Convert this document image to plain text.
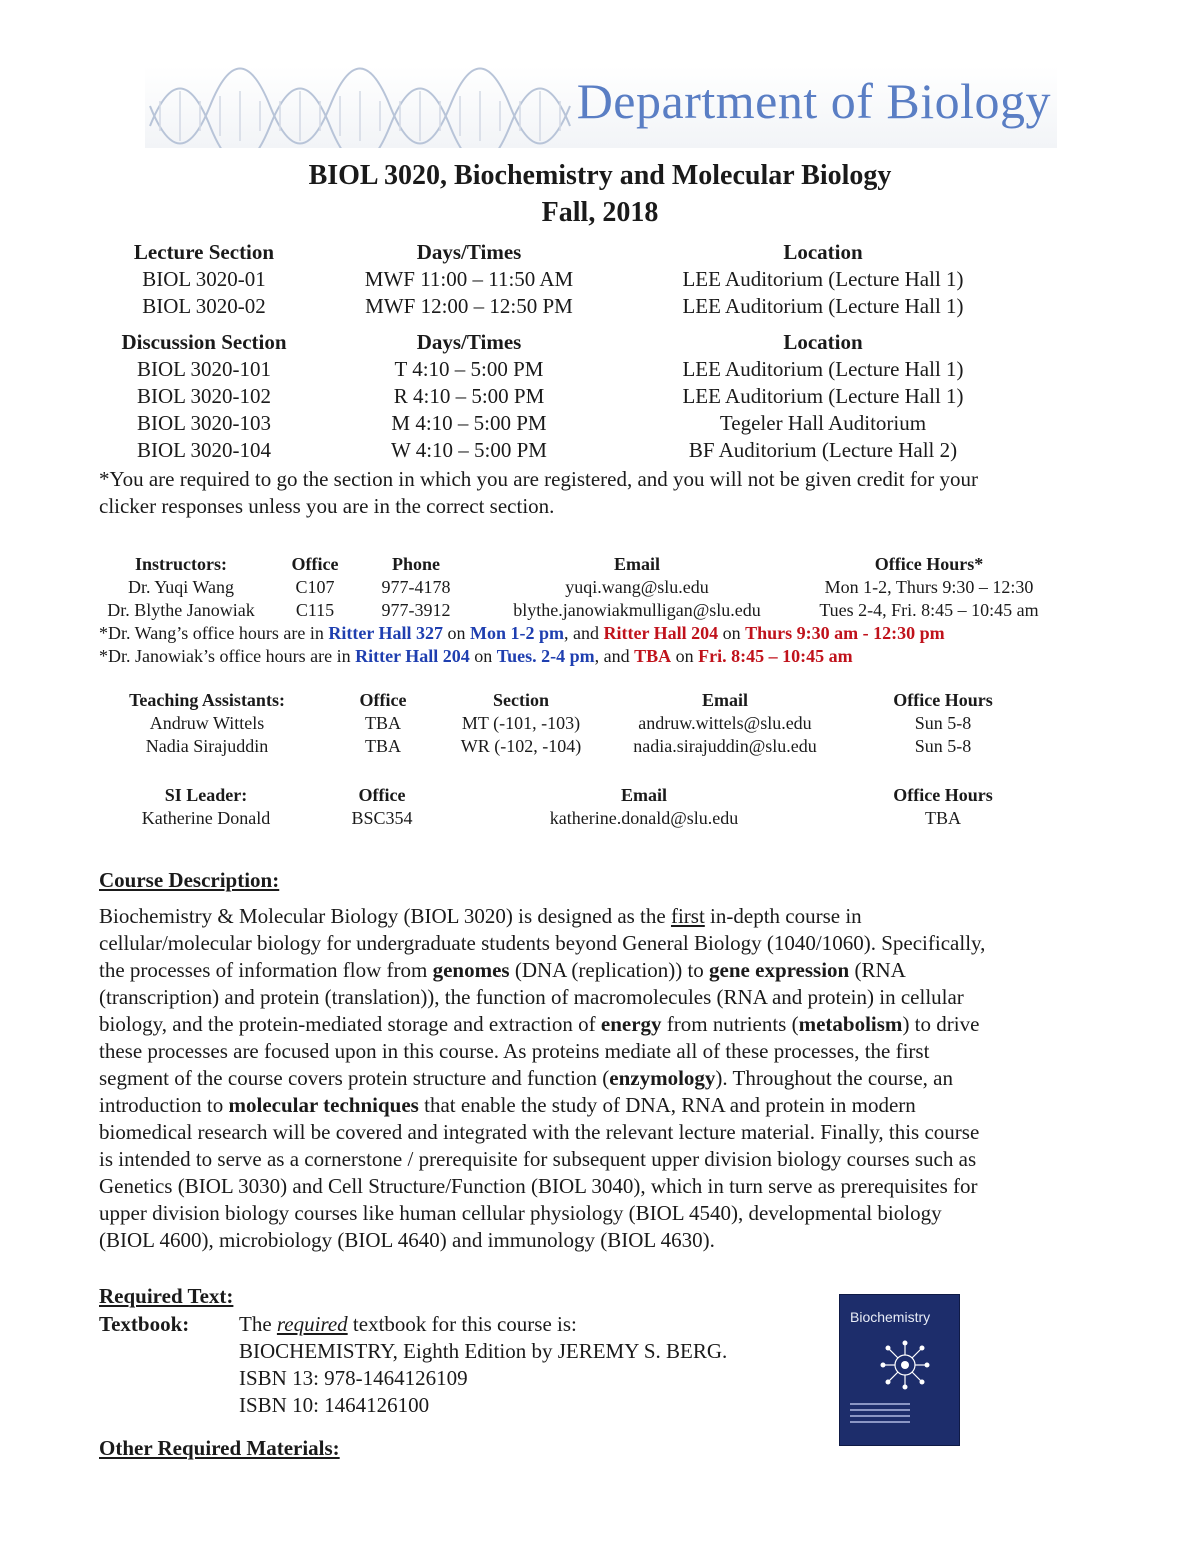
Department of Biology
BIOL 3020, Biochemistry and Molecular Biology
Fall, 2018
Lecture Section	Days/Times	Location
BIOL 3020-01	MWF 11:00 – 11:50 AM	LEE Auditorium (Lecture Hall 1)
BIOL 3020-02	MWF 12:00 – 12:50 PM	LEE Auditorium (Lecture Hall 1)
Discussion Section	Days/Times	Location
BIOL 3020-101	T 4:10 – 5:00 PM	LEE Auditorium (Lecture Hall 1)
BIOL 3020-102	R 4:10 – 5:00 PM	LEE Auditorium (Lecture Hall 1)
BIOL 3020-103	M 4:10 – 5:00 PM	Tegeler Hall Auditorium
BIOL 3020-104	W 4:10 – 5:00 PM	BF Auditorium (Lecture Hall 2)
*You are required to go the section in which you are registered, and you will not be given credit for your
clicker responses unless you are in the correct section.
Instructors:	Office	Phone	Email	Office Hours*
Dr. Yuqi Wang	C107	977-4178	yuqi.wang@slu.edu	Mon 1-2, Thurs 9:30 – 12:30
Dr. Blythe Janowiak C115	977-3912	blythe.janowiakmulligan@slu.edu	Tues 2-4, Fri. 8:45 – 10:45 am
*Dr. Wang’s office hours are in Ritter Hall 327 on Mon 1-2 pm, and Ritter Hall 204 on Thurs 9:30 am - 12:30 pm
*Dr. Janowiak’s office hours are in Ritter Hall 204 on Tues. 2-4 pm, and TBA on Fri. 8:45 – 10:45 am
Teaching Assistants:	Office	Section	Email	Office Hours
Andruw Wittels	TBA	MT (-101, -103)	andruw.wittels@slu.edu	Sun 5-8
Nadia Sirajuddin	TBA	WR (-102, -104)	nadia.sirajuddin@slu.edu	Sun 5-8
SI Leader:	Office	Email	Office Hours
Katherine Donald	BSC354	katherine.donald@slu.edu	TBA
Course Description:
Biochemistry & Molecular Biology (BIOL 3020) is designed as the first in-depth course in
cellular/molecular biology for undergraduate students beyond General Biology (1040/1060). Specifically,
the processes of information flow from genomes (DNA (replication)) to gene expression (RNA
(transcription) and protein (translation)), the function of macromolecules (RNA and protein) in cellular
biology, and the protein-mediated storage and extraction of energy from nutrients (metabolism) to drive
these processes are focused upon in this course. As proteins mediate all of these processes, the first
segment of the course covers protein structure and function (enzymology). Throughout the course, an
introduction to molecular techniques that enable the study of DNA, RNA and protein in modern
biomedical research will be covered and integrated with the relevant lecture material. Finally, this course
is intended to serve as a cornerstone / prerequisite for subsequent upper division biology courses such as
Genetics (BIOL 3030) and Cell Structure/Function (BIOL 3040), which in turn serve as prerequisites for
upper division biology courses like human cellular physiology (BIOL 4540), developmental biology
(BIOL 4600), microbiology (BIOL 4640) and immunology (BIOL 4630).
Required Text:
Textbook: The required textbook for this course is:
BIOCHEMISTRY, Eighth Edition by JEREMY S. BERG.
ISBN 13: 978-1464126109
ISBN 10: 1464126100
Biochemistry
Other Required Materials:
